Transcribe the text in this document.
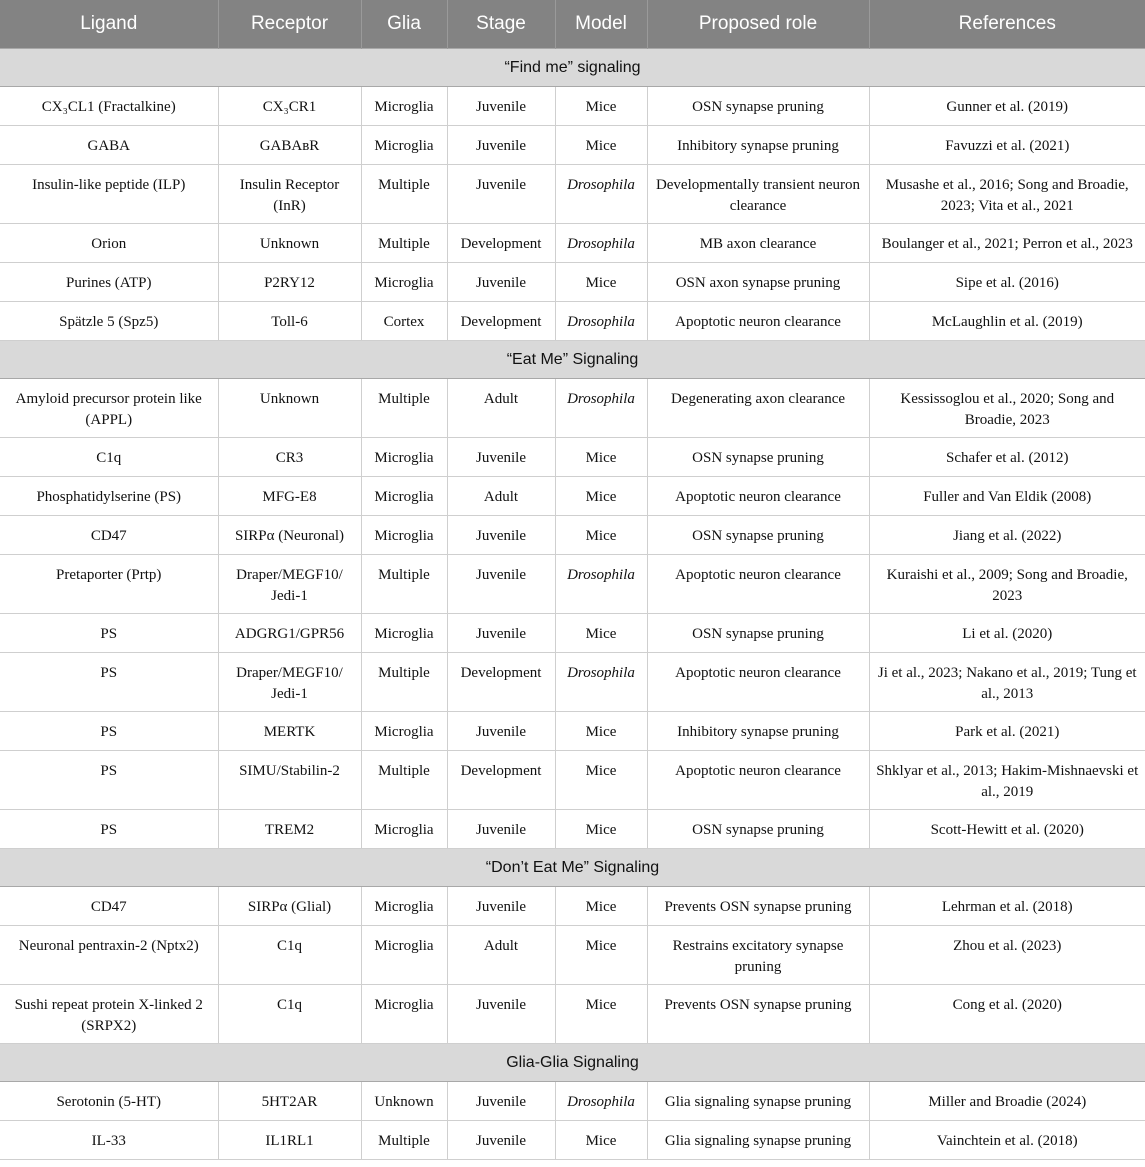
Ligand	Receptor	Glia	Stage	Model	Proposed role	References
“Find me” signaling						
CX₃CL1 (Fractalkine)	CX₃CR1	Microglia	Juvenile	Mice	OSN synapse pruning	Gunner et al. (2019)
GABA	GABAʙR	Microglia	Juvenile	Mice	Inhibitory synapse pruning	Favuzzi et al. (2021)
Insulin-like peptide (ILP)	Insulin Receptor (InR)	Multiple	Juvenile	Drosophila	Developmentally transient neuron clearance	Musashe et al., 2016; Song and Broadie, 2023; Vita et al., 2021
Orion	Unknown	Multiple	Development	Drosophila	MB axon clearance	Boulanger et al., 2021; Perron et al., 2023
Purines (ATP)	P2RY12	Microglia	Juvenile	Mice	OSN axon synapse pruning	Sipe et al. (2016)
Spätzle 5 (Spz5)	Toll-6	Cortex	Development	Drosophila	Apoptotic neuron clearance	McLaughlin et al. (2019)
“Eat Me” Signaling						
Amyloid precursor protein like (APPL)	Unknown	Multiple	Adult	Drosophila	Degenerating axon clearance	Kessissoglou et al., 2020; Song and Broadie, 2023
C1q	CR3	Microglia	Juvenile	Mice	OSN synapse pruning	Schafer et al. (2012)
Phosphatidylserine (PS)	MFG-E8	Microglia	Adult	Mice	Apoptotic neuron clearance	Fuller and Van Eldik (2008)
CD47	SIRPα (Neuronal)	Microglia	Juvenile	Mice	OSN synapse pruning	Jiang et al. (2022)
Pretaporter (Prtp)	Draper/MEGF10/ Jedi-1	Multiple	Juvenile	Drosophila	Apoptotic neuron clearance	Kuraishi et al., 2009; Song and Broadie, 2023
PS	ADGRG1/GPR56	Microglia	Juvenile	Mice	OSN synapse pruning	Li et al. (2020)
PS	Draper/MEGF10/ Jedi-1	Multiple	Development	Drosophila	Apoptotic neuron clearance	Ji et al., 2023; Nakano et al., 2019; Tung et al., 2013
PS	MERTK	Microglia	Juvenile	Mice	Inhibitory synapse pruning	Park et al. (2021)
PS	SIMU/Stabilin-2	Multiple	Development	Mice	Apoptotic neuron clearance	Shklyar et al., 2013; Hakim-Mishnaevski et al., 2019
PS	TREM2	Microglia	Juvenile	Mice	OSN synapse pruning	Scott-Hewitt et al. (2020)
“Don’t Eat Me” Signaling						
CD47	SIRPα (Glial)	Microglia	Juvenile	Mice	Prevents OSN synapse pruning	Lehrman et al. (2018)
Neuronal pentraxin-2 (Nptx2)	C1q	Microglia	Adult	Mice	Restrains excitatory synapse pruning	Zhou et al. (2023)
Sushi repeat protein X-linked 2 (SRPX2)	C1q	Microglia	Juvenile	Mice	Prevents OSN synapse pruning	Cong et al. (2020)
Glia-Glia Signaling						
Serotonin (5-HT)	5HT2AR	Unknown	Juvenile	Drosophila	Glia signaling synapse pruning	Miller and Broadie (2024)
IL-33	IL1RL1	Multiple	Juvenile	Mice	Glia signaling synapse pruning	Vainchtein et al. (2018)
